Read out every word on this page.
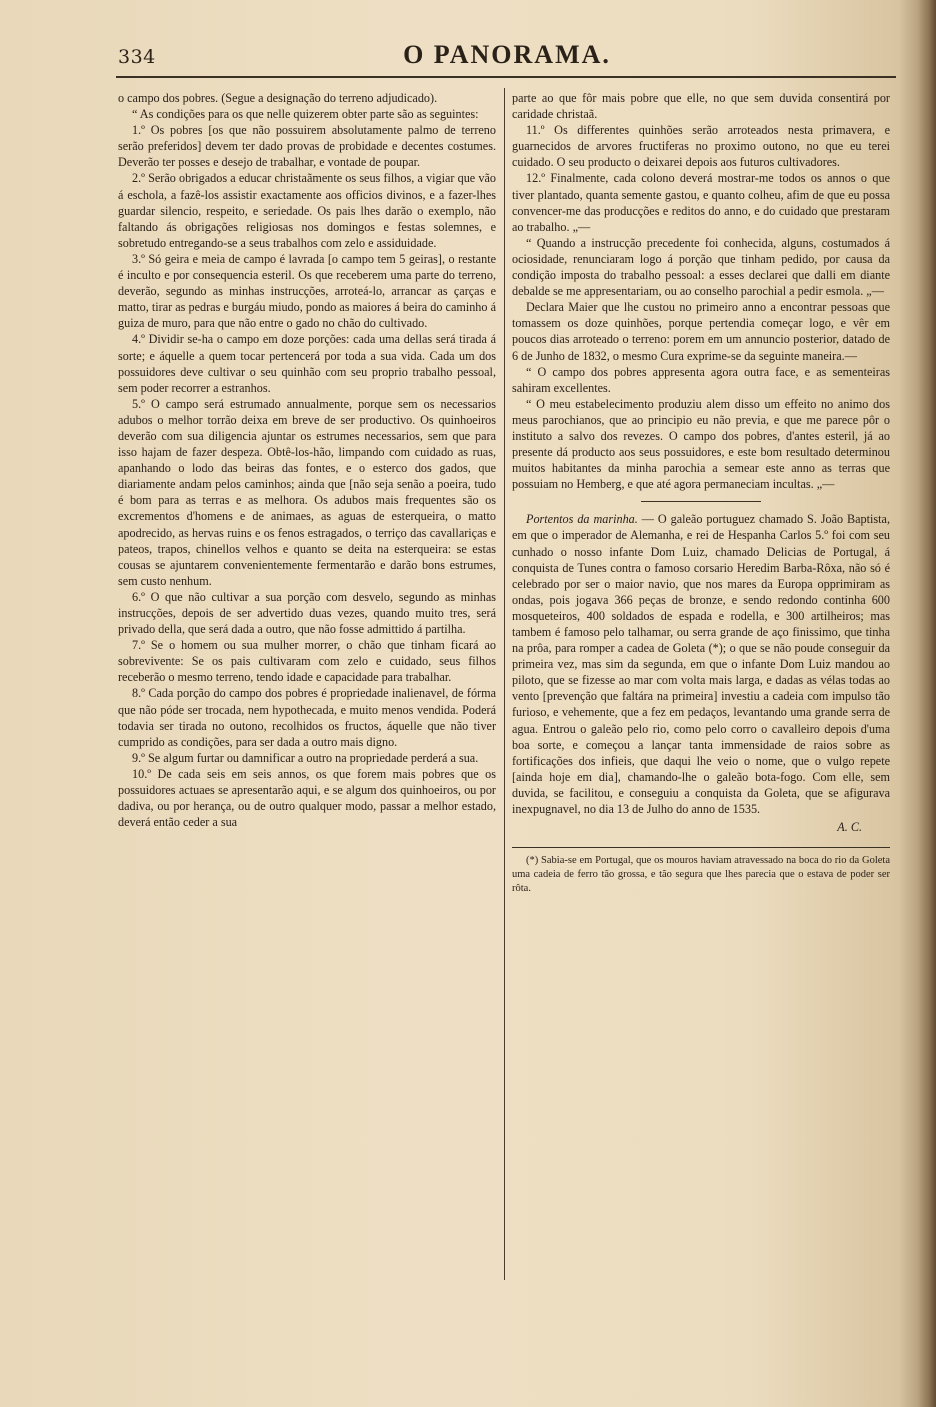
334	O PANORAMA.

o campo dos pobres. (Segue a designação do terreno adjudicado).

“ As condições para os que nelle quizerem obter parte são as seguintes:

1.º Os pobres [os que não possuirem absolutamente palmo de terreno serão preferidos] devem ter dado provas de probidade e decentes costumes. Deverão ter posses e desejo de trabalhar, e vontade de poupar.

2.º Serão obrigados a educar christaãmente os seus filhos, a vigiar que vão á eschola, a fazê-los assistir exactamente aos officios divinos, e a fazer-lhes guardar silencio, respeito, e seriedade. Os pais lhes darão o exemplo, não faltando ás obrigações religiosas nos domingos e festas solemnes, e sobretudo entregando-se a seus trabalhos com zelo e assiduidade.

3.º Só geira e meia de campo é lavrada [o campo tem 5 geiras], o restante é inculto e por consequencia esteril. Os que receberem uma parte do terreno, deverão, segundo as minhas instrucções, arroteá-lo, arrancar as çarças e matto, tirar as pedras e burgáu miudo, pondo as maiores á beira do caminho á guiza de muro, para que não entre o gado no chão do cultivado.

4.º Dividir se-ha o campo em doze porções: cada uma dellas será tirada á sorte; e áquelle a quem tocar pertencerá por toda a sua vida. Cada um dos possuidores deve cultivar o seu quinhão com seu proprio trabalho pessoal, sem poder recorrer a estranhos.

5.º O campo será estrumado annualmente, porque sem os necessarios adubos o melhor torrão deixa em breve de ser productivo. Os quinhoeiros deverão com sua diligencia ajuntar os estrumes necessarios, sem que para isso hajam de fazer despeza. Obtê-los-hão, limpando com cuidado as ruas, apanhando o lodo das beiras das fontes, e o esterco dos gados, que diariamente andam pelos caminhos; ainda que [não seja senão a poeira, tudo é bom para as terras e as melhora. Os adubos mais frequentes são os excrementos d'homens e de animaes, as aguas de esterqueira, o matto apodrecido, as hervas ruins e os fenos estragados, o terriço das cavallariças e pateos, trapos, chinellos velhos e quanto se deita na esterqueira: se estas cousas se ajuntarem convenientemente fermentarão e darão bons estrumes, sem custo nenhum.

6.º O que não cultivar a sua porção com desvelo, segundo as minhas instrucções, depois de ser advertido duas vezes, quando muito tres, será privado della, que será dada a outro, que não fosse admittido á partilha.

7.º Se o homem ou sua mulher morrer, o chão que tinham ficará ao sobrevivente: Se os pais cultivaram com zelo e cuidado, seus filhos receberão o mesmo terreno, tendo idade e capacidade para trabalhar.

8.º Cada porção do campo dos pobres é propriedade inalienavel, de fórma que não póde ser trocada, nem hypothecada, e muito menos vendida. Poderá todavia ser tirada no outono, recolhidos os fructos, áquelle que não tiver cumprido as condições, para ser dada a outro mais digno.

9.º Se algum furtar ou damnificar a outro na propriedade perderá a sua.

10.º De cada seis em seis annos, os que forem mais pobres que os possuidores actuaes se apresentarão aqui, e se algum dos quinhoeiros, ou por dadiva, ou por herança, ou de outro qualquer modo, passar a melhor estado, deverá então ceder a sua

parte ao que fôr mais pobre que elle, no que sem duvida consentirá por caridade christaã.

11.º Os differentes quinhões serão arroteados nesta primavera, e guarnecidos de arvores fructiferas no proximo outono, no que eu terei cuidado. O seu producto o deixarei depois aos futuros cultivadores.

12.º Finalmente, cada colono deverá mostrar-me todos os annos o que tiver plantado, quanta semente gastou, e quanto colheu, afim de que eu possa convencer-me das producções e reditos do anno, e do cuidado que prestaram ao trabalho. „—

“ Quando a instrucção precedente foi conhecida, alguns, costumados á ociosidade, renunciaram logo á porção que tinham pedido, por causa da condição imposta do trabalho pessoal: a esses declarei que dalli em diante debalde se me appresentariam, ou ao conselho parochial a pedir esmola. „—

Declara Maier que lhe custou no primeiro anno a encontrar pessoas que tomassem os doze quinhões, porque pertendia começar logo, e vêr em poucos dias arroteado o terreno: porem em um annuncio posterior, datado de 6 de Junho de 1832, o mesmo Cura exprime-se da seguinte maneira.—

“ O campo dos pobres appresenta agora outra face, e as sementeiras sahiram excellentes.

“ O meu estabelecimento produziu alem disso um effeito no animo dos meus parochianos, que ao principio eu não previa, e que me parece pôr o instituto a salvo dos revezes. O campo dos pobres, d'antes esteril, já ao presente dá producto aos seus possuidores, e este bom resultado determinou muitos habitantes da minha parochia a semear este anno as terras que possuiam no Hemberg, e que até agora permaneciam incultas. „—

Portentos da marinha. — O galeão portuguez chamado S. João Baptista, em que o imperador de Alemanha, e rei de Hespanha Carlos 5.º foi com seu cunhado o nosso infante Dom Luiz, chamado Delicias de Portugal, á conquista de Tunes contra o famoso corsario Heredim Barba-Rôxa, não só é celebrado por ser o maior navio, que nos mares da Europa opprimiram as ondas, pois jogava 366 peças de bronze, e sendo redondo continha 600 mosqueteiros, 400 soldados de espada e rodella, e 300 artilheiros; mas tambem é famoso pelo talhamar, ou serra grande de aço finissimo, que tinha na prôa, para romper a cadea de Goleta (*); o que se não poude conseguir da primeira vez, mas sim da segunda, em que o infante Dom Luiz mandou ao piloto, que se fizesse ao mar com volta mais larga, e dadas as vélas todas ao vento [prevenção que faltára na primeira] investiu a cadeia com impulso tão furioso, e vehemente, que a fez em pedaços, levantando uma grande serra de agua. Entrou o galeão pelo rio, como pelo corro o cavalleiro depois d'uma boa sorte, e começou a lançar tanta immensidade de raios sobre as fortificações dos infieis, que daqui lhe veio o nome, que o vulgo repete [ainda hoje em dia], chamando-lhe o galeão bota-fogo. Com elle, sem duvida, se facilitou, e conseguiu a conquista da Goleta, que se afigurava inexpugnavel, no dia 13 de Julho do anno de 1535.

A. C.

(*) Sabia-se em Portugal, que os mouros haviam atravessado na boca do rio da Goleta uma cadeia de ferro tão grossa, e tão segura que lhes parecia que o estava de poder ser rôta.
